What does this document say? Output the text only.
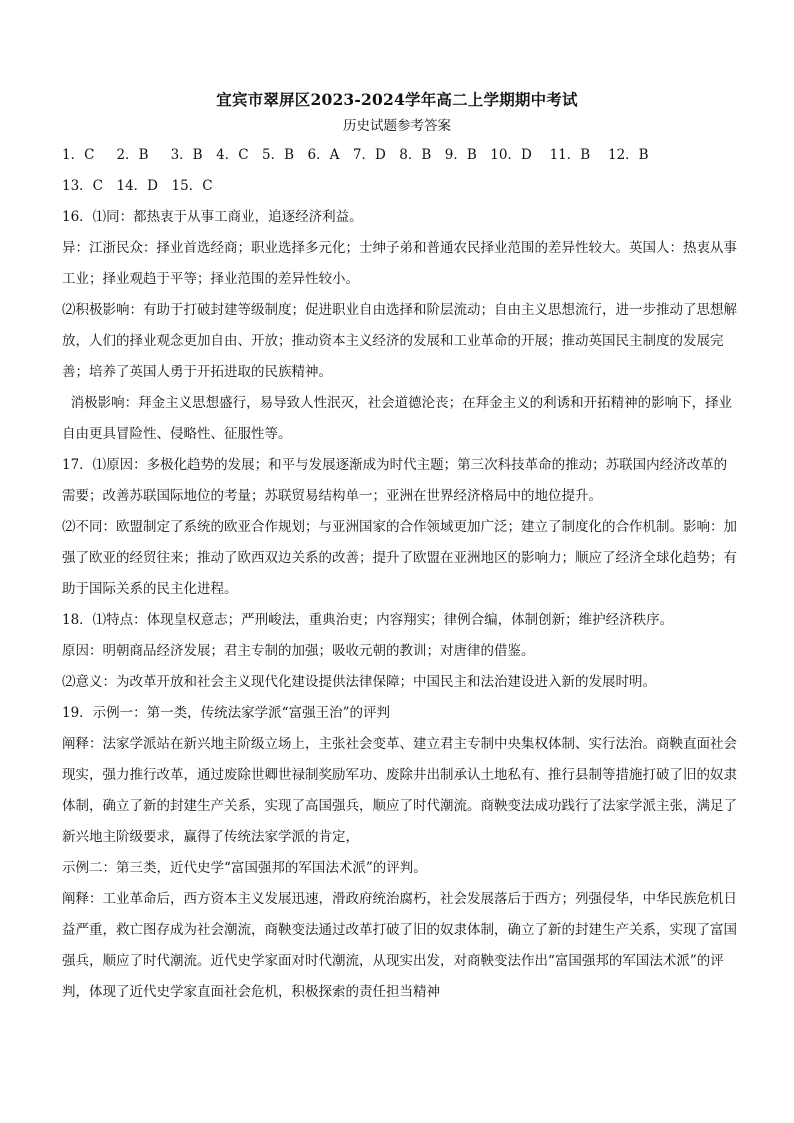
宜宾市翠屏区2023-2024学年高二上学期期中考试
历史试题参考答案

1．C　  2．B　  3．B　4．C　5．B　6．A　7．D　8．B　9．B　10．D　 11．B　 12．B

13．C　14．D　15．C

16．⑴同：都热衷于从事工商业，追逐经济利益。

异：江浙民众：择业首选经商；职业选择多元化；士绅子弟和普通农民择业范围的差异性较大。英国人：热衷从事工业；择业观趋于平等；择业范围的差异性较小。

⑵积极影响：有助于打破封建等级制度；促进职业自由选择和阶层流动；自由主义思想流行，进一步推动了思想解放，人们的择业观念更加自由、开放；推动资本主义经济的发展和工业革命的开展；推动英国民主制度的发展完善；培养了英国人勇于开拓进取的民族精神。

消极影响：拜金主义思想盛行，易导致人性泯灭，社会道德沦丧；在拜金主义的利诱和开拓精神的影响下，择业自由更具冒险性、侵略性、征服性等。

17．⑴原因：多极化趋势的发展；和平与发展逐渐成为时代主题；第三次科技革命的推动；苏联国内经济改革的需要；改善苏联国际地位的考量；苏联贸易结构单一；亚洲在世界经济格局中的地位提升。

⑵不同：欧盟制定了系统的欧亚合作规划；与亚洲国家的合作领域更加广泛；建立了制度化的合作机制。影响：加强了欧亚的经贸往来；推动了欧西双边关系的改善；提升了欧盟在亚洲地区的影响力；顺应了经济全球化趋势；有助于国际关系的民主化进程。

18．⑴特点：体现皇权意志；严刑峻法，重典治吏；内容翔实；律例合编，体制创新；维护经济秩序。

原因：明朝商品经济发展；君主专制的加强；吸收元朝的教训；对唐律的借鉴。

⑵意义：为改革开放和社会主义现代化建设提供法律保障；中国民主和法治建设进入新的发展时明。

19．示例一：第一类，传统法家学派“富强王治”的评判

阐释：法家学派站在新兴地主阶级立场上，主张社会变革、建立君主专制中央集权体制、实行法治。商鞅直面社会现实，强力推行改革，通过废除世卿世禄制奖励军功、废除井出制承认土地私有、推行县制等措施打破了旧的奴隶体制，确立了新的封建生产关系，实现了高国强兵，顺应了时代潮流。商鞅变法成功践行了法家学派主张，满足了新兴地主阶级要求，赢得了传统法家学派的肯定，

示例二：第三类，近代史学“富国强邦的军国法术派”的评判。

阐释：工业革命后，西方资本主义发展迅速，滑政府统治腐朽，社会发展落后于西方；列强侵华，中华民族危机日益严重，救亡图存成为社会潮流，商鞅变法通过改革打破了旧的奴隶体制，确立了新的封建生产关系，实现了富国强兵，顺应了时代潮流。近代史学家面对时代潮流，从现实出发，对商鞅变法作出“富国强邦的军国法术派”的评判，体现了近代史学家直面社会危机，积极探索的责任担当精神
